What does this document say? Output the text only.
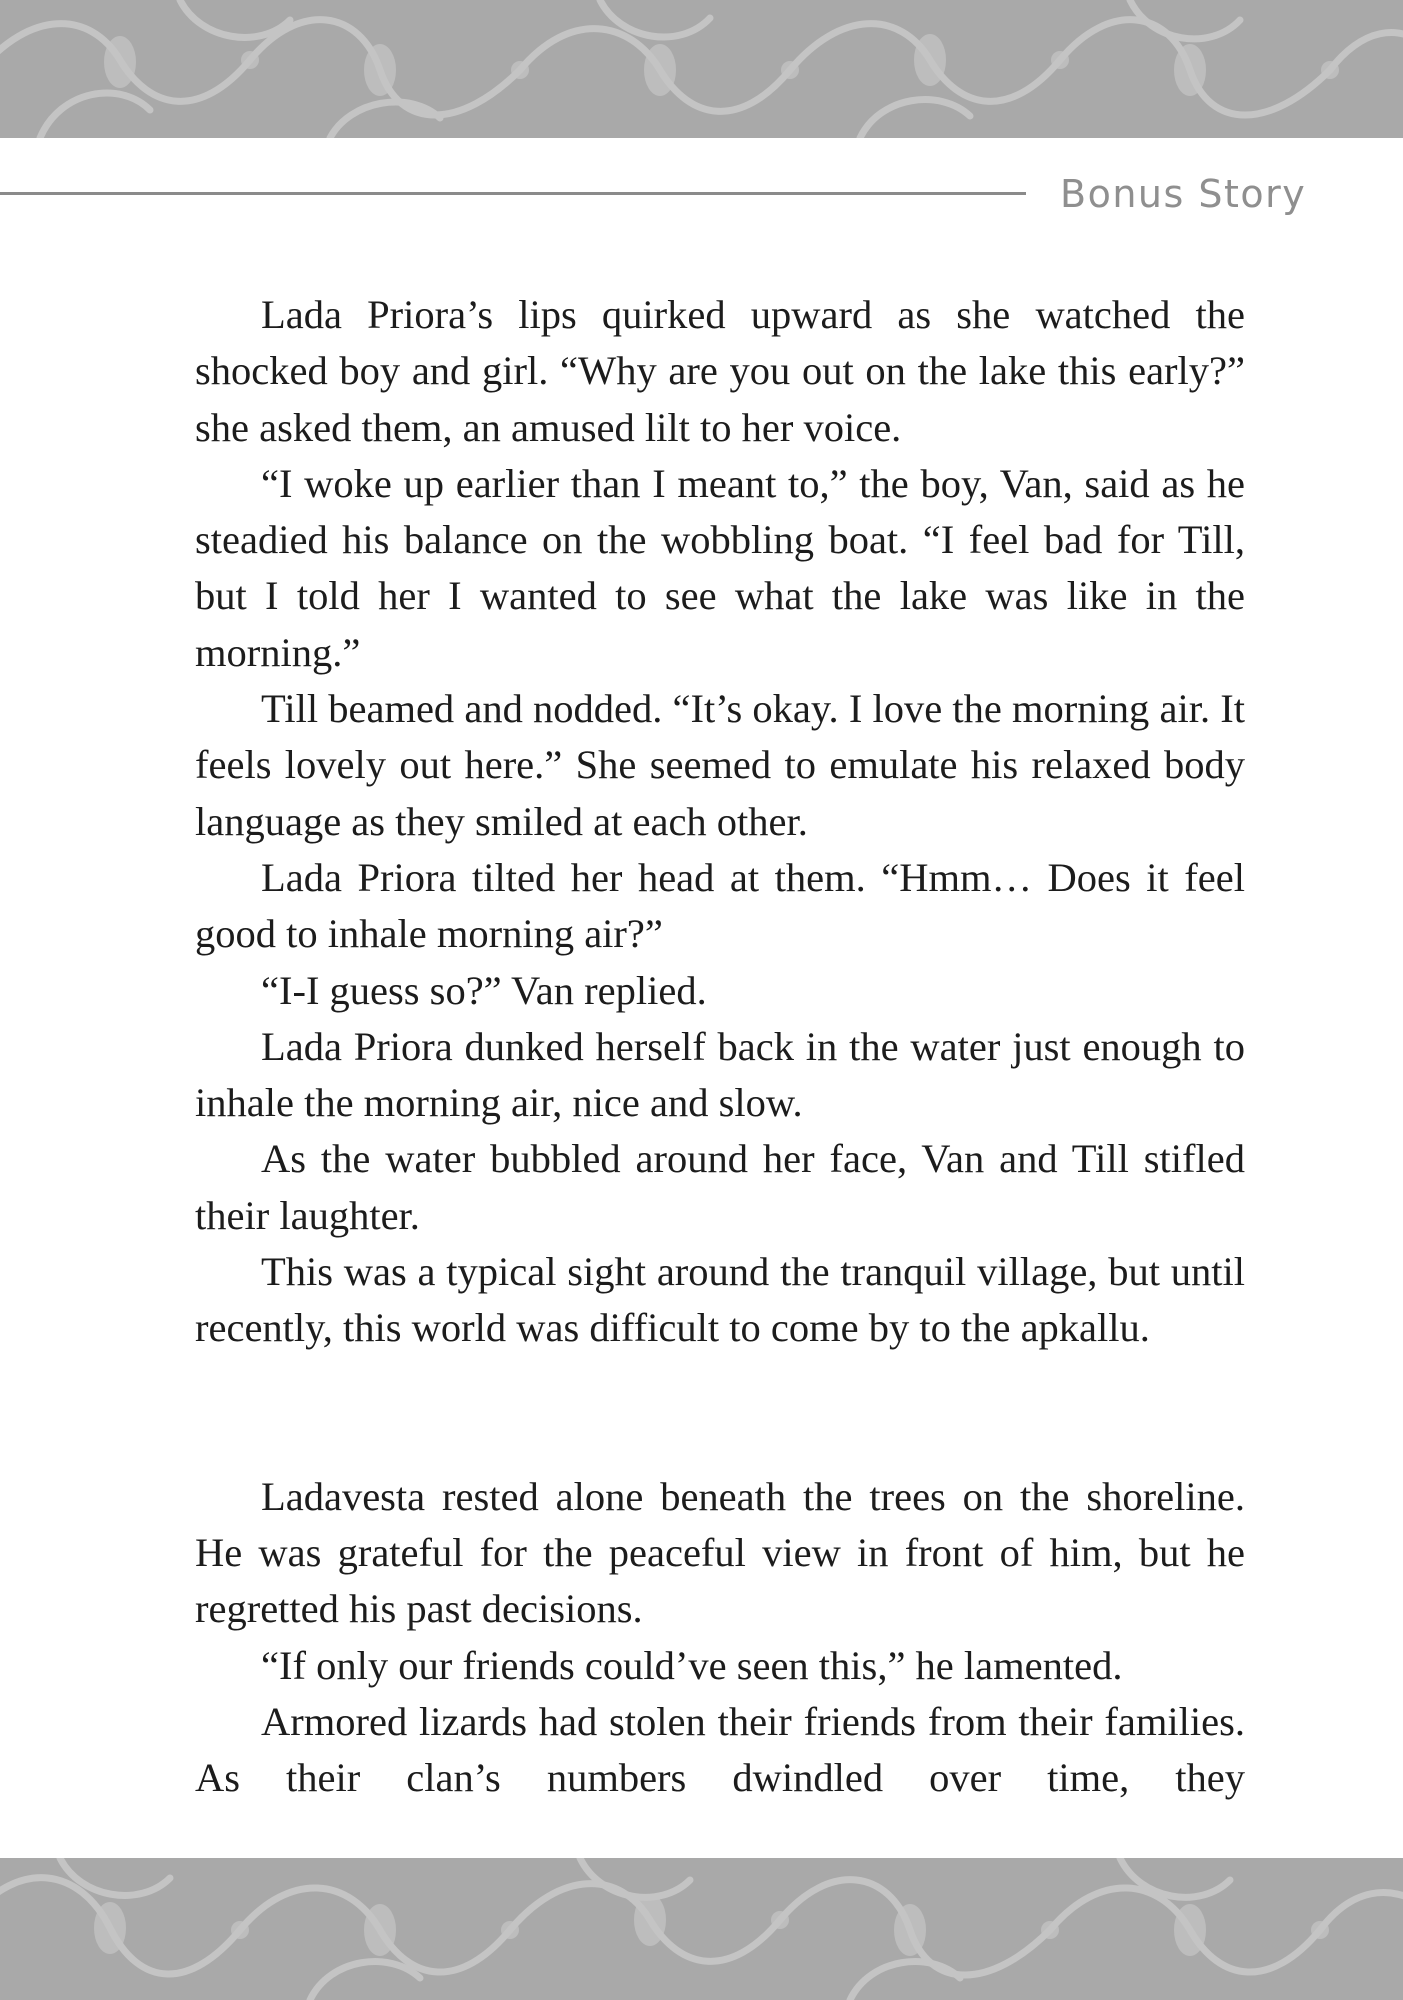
Bonus Story

Lada Priora’s lips quirked upward as she watched the shocked boy and girl. “Why are you out on the lake this early?” she asked them, an amused lilt to her voice.

“I woke up earlier than I meant to,” the boy, Van, said as he steadied his balance on the wobbling boat. “I feel bad for Till, but I told her I wanted to see what the lake was like in the morning.”

Till beamed and nodded. “It’s okay. I love the morning air. It feels lovely out here.” She seemed to emulate his relaxed body language as they smiled at each other.

Lada Priora tilted her head at them. “Hmm… Does it feel good to inhale morning air?”

“I-I guess so?” Van replied.

Lada Priora dunked herself back in the water just enough to inhale the morning air, nice and slow.

As the water bubbled around her face, Van and Till stifled their laughter.

This was a typical sight around the tranquil village, but until recently, this world was difficult to come by to the apkallu.

Ladavesta rested alone beneath the trees on the shoreline. He was grateful for the peaceful view in front of him, but he regretted his past decisions.

“If only our friends could’ve seen this,” he lamented.

Armored lizards had stolen their friends from their families. As their clan’s numbers dwindled over time, they
